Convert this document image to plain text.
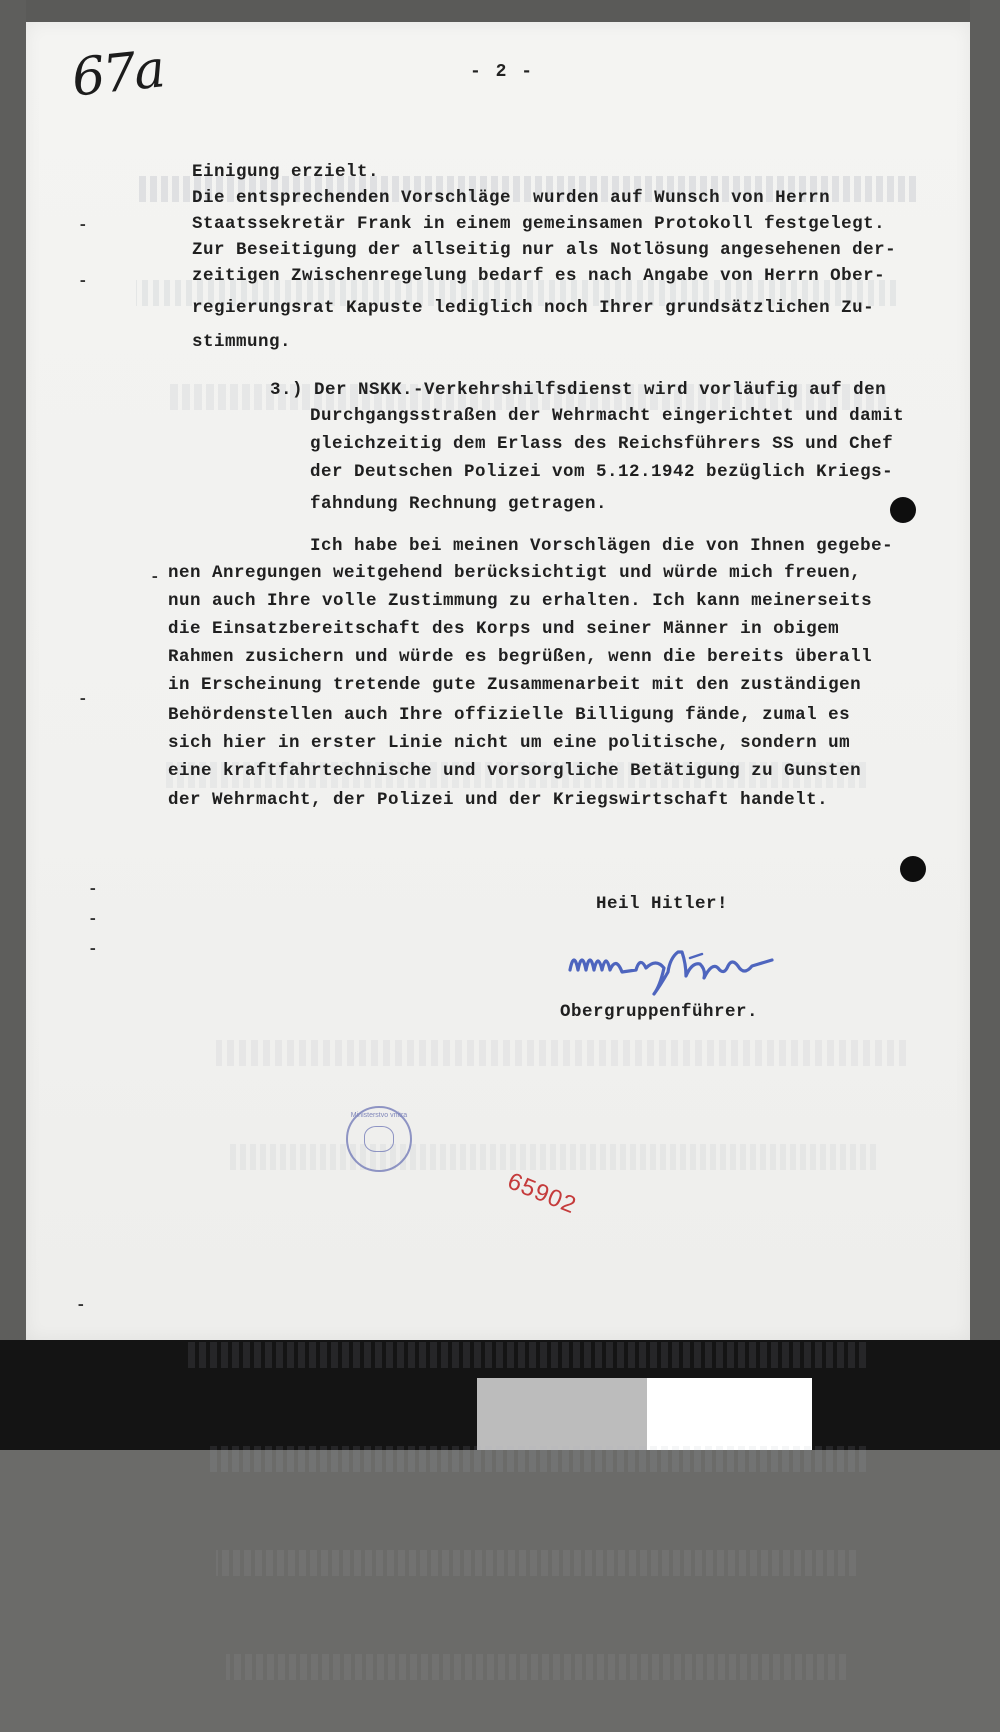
67a	- 2 -
Einigung erzielt.
Die entsprechenden Vorschläge  wurden auf Wunsch von Herrn
Staatssekretär Frank in einem gemeinsamen Protokoll festgelegt.
Zur Beseitigung der allseitig nur als Notlösung angesehenen der-
zeitigen Zwischenregelung bedarf es nach Angabe von Herrn Ober-
regierungsrat Kapuste lediglich noch Ihrer grundsätzlichen Zu-
stimmung.
3.) Der NSKK.-Verkehrshilfsdienst wird vorläufig auf den
Durchgangsstraßen der Wehrmacht eingerichtet und damit
gleichzeitig dem Erlass des Reichsführers SS und Chef
der Deutschen Polizei vom 5.12.1942 bezüglich Kriegs-
fahndung Rechnung getragen.
Ich habe bei meinen Vorschlägen die von Ihnen gegebe-
nen Anregungen weitgehend berücksichtigt und würde mich freuen,
nun auch Ihre volle Zustimmung zu erhalten. Ich kann meinerseits
die Einsatzbereitschaft des Korps und seiner Männer in obigem
Rahmen zusichern und würde es begrüßen, wenn die bereits überall
in Erscheinung tretende gute Zusammenarbeit mit den zuständigen
Behördenstellen auch Ihre offizielle Billigung fände, zumal es
sich hier in erster Linie nicht um eine politische, sondern um
eine kraftfahrtechnische und vorsorgliche Betätigung zu Gunsten
der Wehrmacht, der Polizei und der Kriegswirtschaft handelt.
Heil Hitler!
Obergruppenführer.
-
-
-
-
-
-
-
-
Ministerstvo vnitra
65902
